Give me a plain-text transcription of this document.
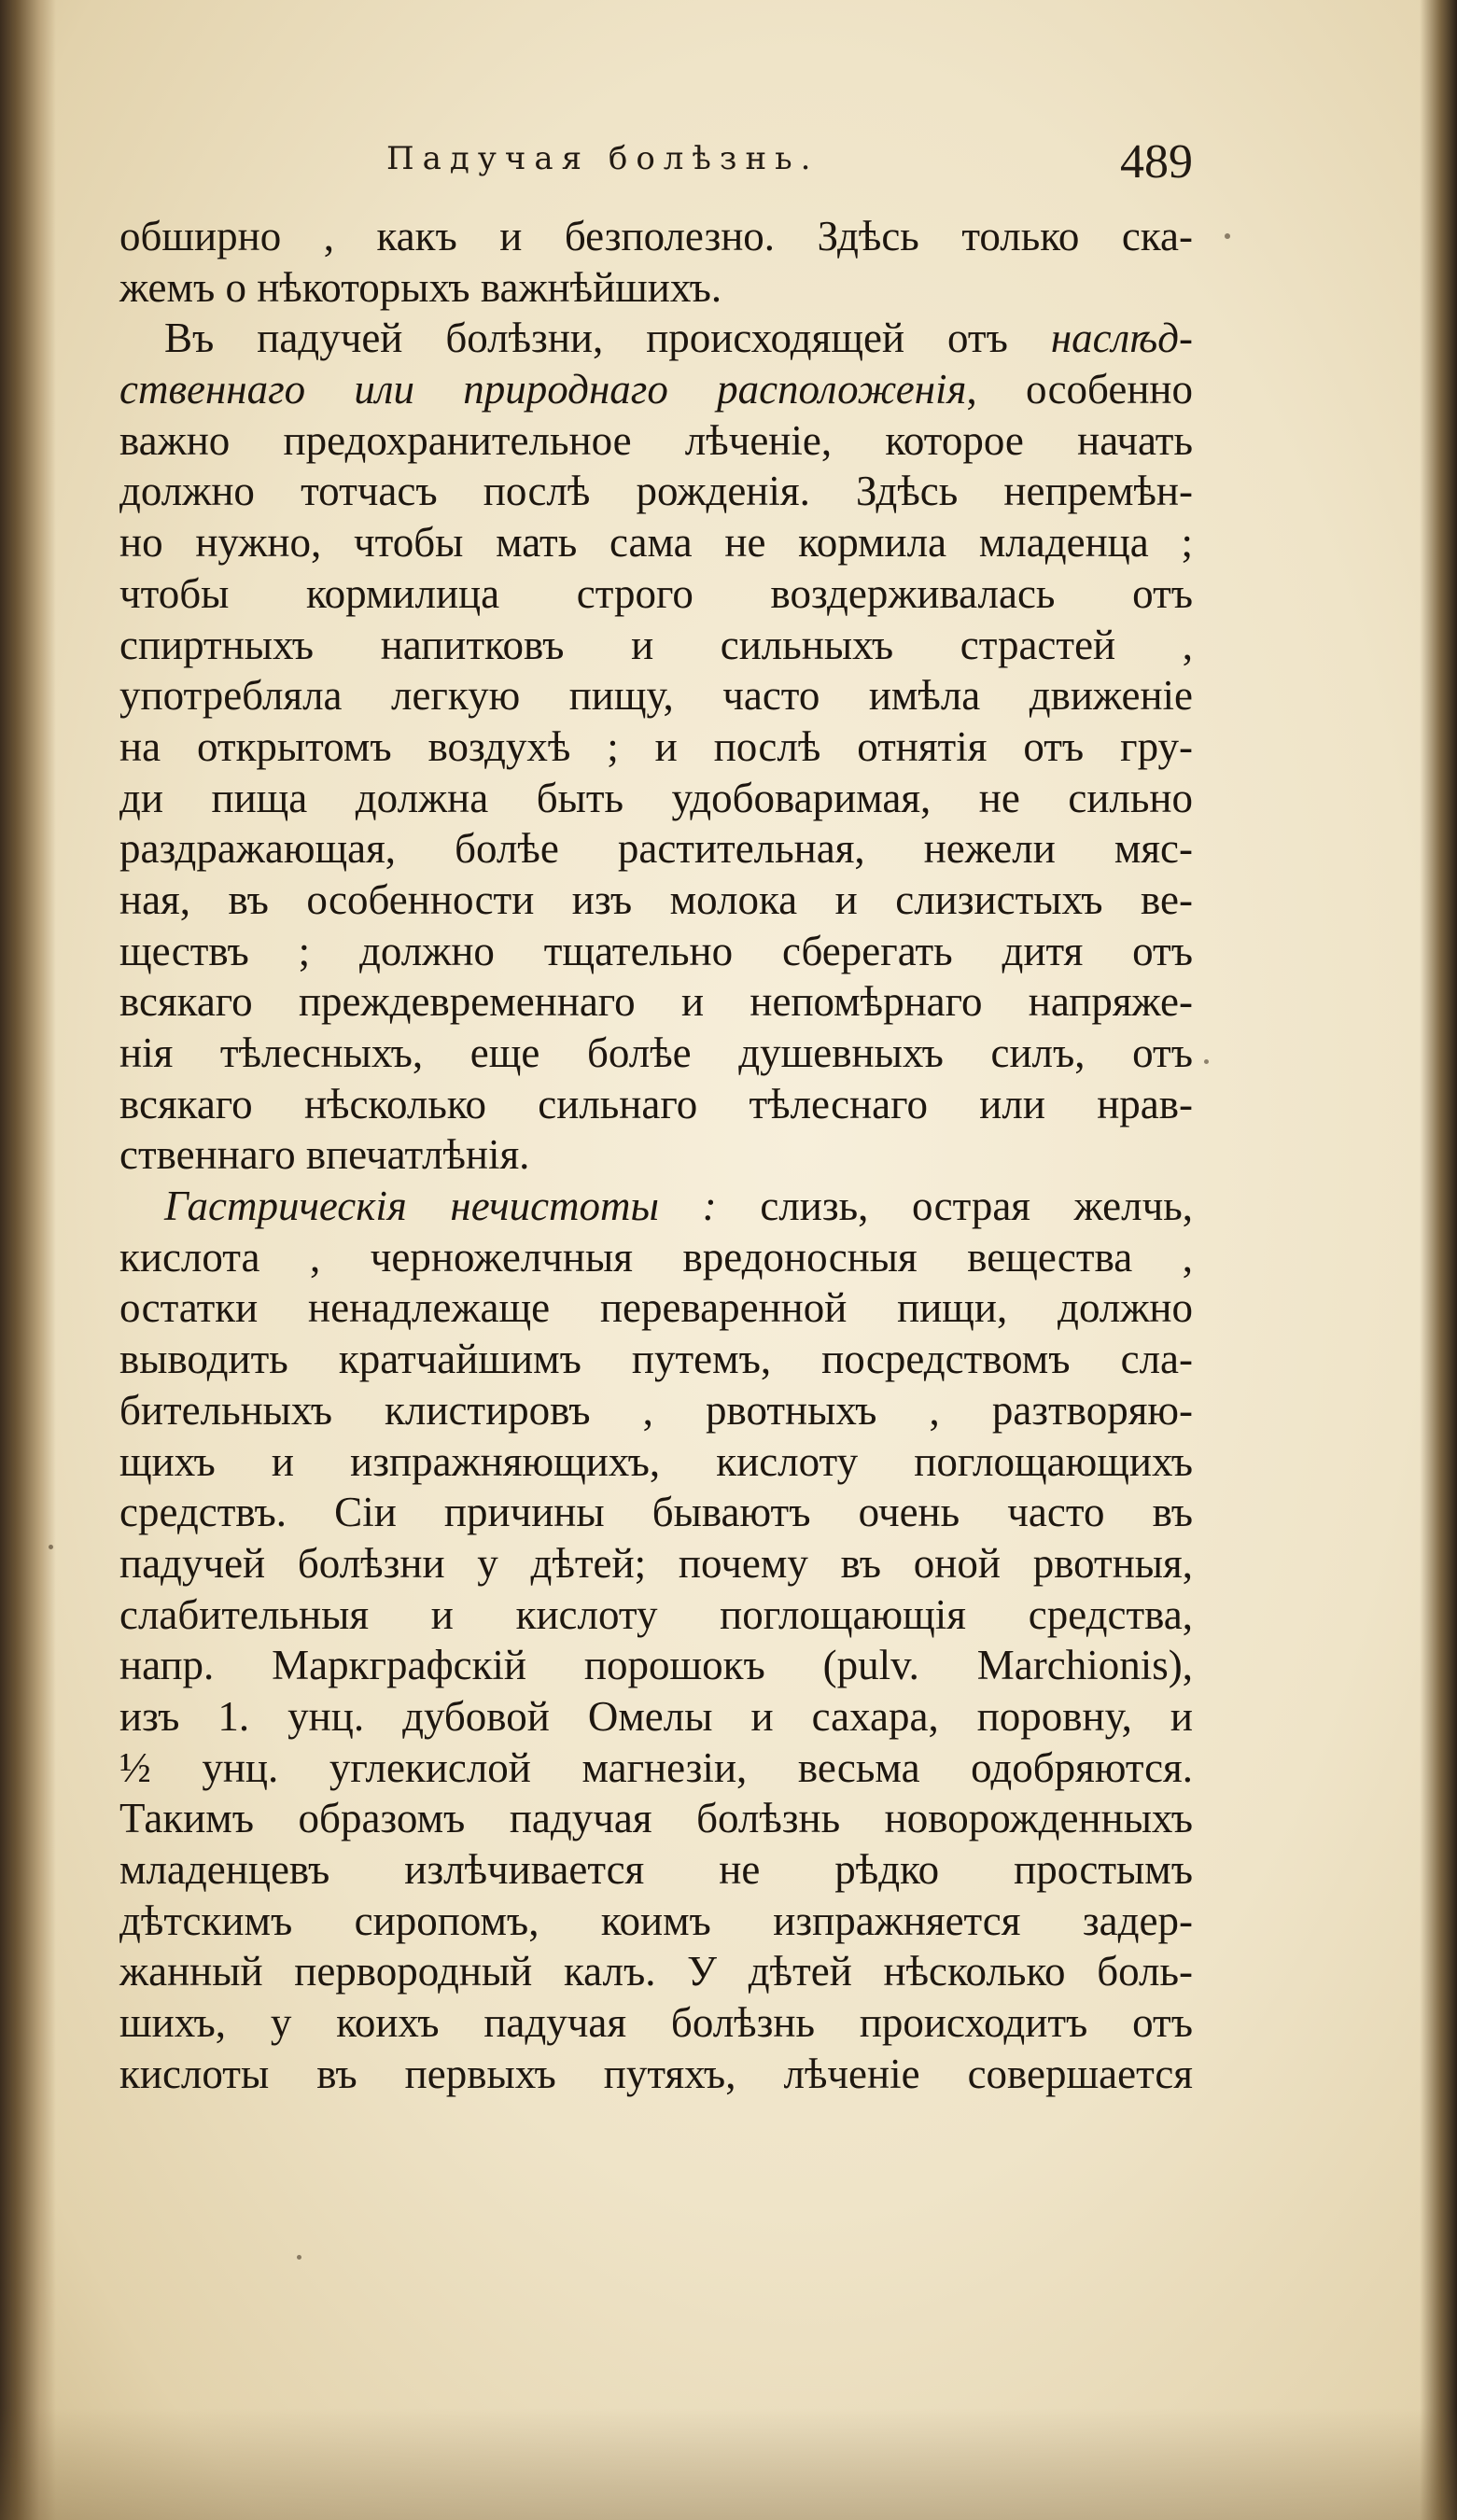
Падучая болѣзнь.	489
обширно , какъ и безполезно. Здѣсь только ска-
жемъ о нѣкоторыхъ важнѣйшихъ.
Въ падучей болѣзни, происходящей отъ наслѣд-
ственнаго или природнаго расположенія, особенно
важно предохранительное лѣченіе, которое начать
должно тотчасъ послѣ рожденія. Здѣсь непремѣн-
но нужно, чтобы мать сама не кормила младенца ;
чтобы кормилица строго воздерживалась отъ
спиртныхъ напитковъ и сильныхъ страстей ,
употребляла легкую пищу, часто имѣла движеніе
на открытомъ воздухѣ ; и послѣ отнятія отъ гру-
ди пища должна быть удобоваримая, не сильно
раздражающая, болѣе растительная, нежели мяс-
ная, въ особенности изъ молока и слизистыхъ ве-
ществъ ; должно тщательно сберегать дитя отъ
всякаго преждевременнаго и непомѣрнаго напряже-
нія тѣлесныхъ, еще болѣе душевныхъ силъ, отъ
всякаго нѣсколько сильнаго тѣлеснаго или нрав-
ственнаго впечатлѣнія.
Гастрическія нечистоты : слизь, острая желчь,
кислота , черножелчныя вредоносныя вещества ,
остатки ненадлежаще переваренной пищи, должно
выводить кратчайшимъ путемъ, посредствомъ сла-
бительныхъ клистировъ , рвотныхъ , разтворяю-
щихъ и изпражняющихъ, кислоту поглощающихъ
средствъ. Сіи причины бываютъ очень часто въ
падучей болѣзни у дѣтей; почему въ оной рвотныя,
слабительныя и кислоту поглощающія средства,
напр. Маркграфскій порошокъ (pulv. Marchionis),
изъ 1. унц. дубовой Омелы и сахара, поровну, и
½ унц. углекислой магнезіи, весьма одобряются.
Такимъ образомъ падучая болѣзнь новорожденныхъ
младенцевъ излѣчивается не рѣдко простымъ
дѣтскимъ сиропомъ, коимъ изпражняется задер-
жанный первородный калъ. У дѣтей нѣсколько боль-
шихъ, у коихъ падучая болѣзнь происходитъ отъ
кислоты въ первыхъ путяхъ, лѣченіе совершается
